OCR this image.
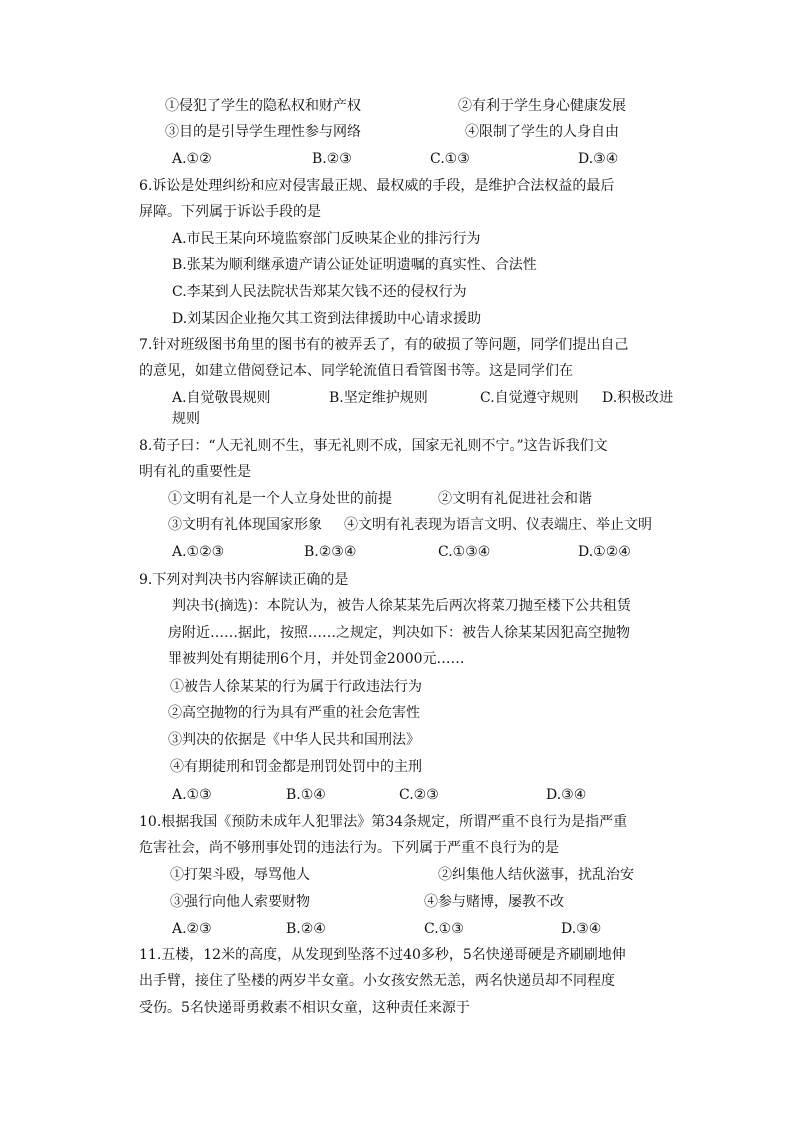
①侵犯了学生的隐私权和财产权	②有利于学生身心健康发展
③目的是引导学生理性参与网络	④限制了学生的人身自由
A.①②	B.②③	C.①③	D.③④
6.诉讼是处理纠纷和应对侵害最正规、最权威的手段，是维护合法权益的最后
屏障。下列属于诉讼手段的是
A.市民王某向环境监察部门反映某企业的排污行为
B.张某为顺利继承遗产请公证处证明遗嘱的真实性、合法性
C.李某到人民法院状告郑某欠钱不还的侵权行为
D.刘某因企业拖欠其工资到法律援助中心请求援助
7.针对班级图书角里的图书有的被弄丢了，有的破损了等问题，同学们提出自己
的意见，如建立借阅登记本、同学轮流值日看管图书等。这是同学们在
A.自觉敬畏规则	B.坚定维护规则	C.自觉遵守规则 D.积极改进
规则
8.荀子曰：“人无礼则不生，事无礼则不成，国家无礼则不宁。”这告诉我们文
明有礼的重要性是
①文明有礼是一个人立身处世的前提	②文明有礼促进社会和谐
③文明有礼体现国家形象 ④文明有礼表现为语言文明、仪表端庄、举止文明
A.①②③	B.②③④	C.①③④	D.①②④
9.下列对判决书内容解读正确的是
判决书(摘选)：本院认为，被告人徐某某先后两次将菜刀抛至楼下公共租赁
房附近……据此，按照……之规定，判决如下：被告人徐某某因犯高空抛物
罪被判处有期徒刑6个月，并处罚金2000元……
①被告人徐某某的行为属于行政违法行为
②高空抛物的行为具有严重的社会危害性
③判决的依据是《中华人民共和国刑法》
④有期徒刑和罚金都是刑罚处罚中的主刑
A.①③	B.①④	C.②③	D.③④
10.根据我国《预防未成年人犯罪法》第34条规定，所谓严重不良行为是指严重
危害社会，尚不够刑事处罚的违法行为。下列属于严重不良行为的是
①打架斗殴，辱骂他人	②纠集他人结伙滋事，扰乱治安
③强行向他人索要财物	④参与赌博，屡教不改
A.②③	B.②④	C.①③	D.③④
11.五楼，12米的高度，从发现到坠落不过40多秒，5名快递哥硬是齐刷刷地伸
出手臂，接住了坠楼的两岁半女童。小女孩安然无恙，两名快递员却不同程度
受伤。5名快递哥勇救素不相识女童，这种责任来源于
